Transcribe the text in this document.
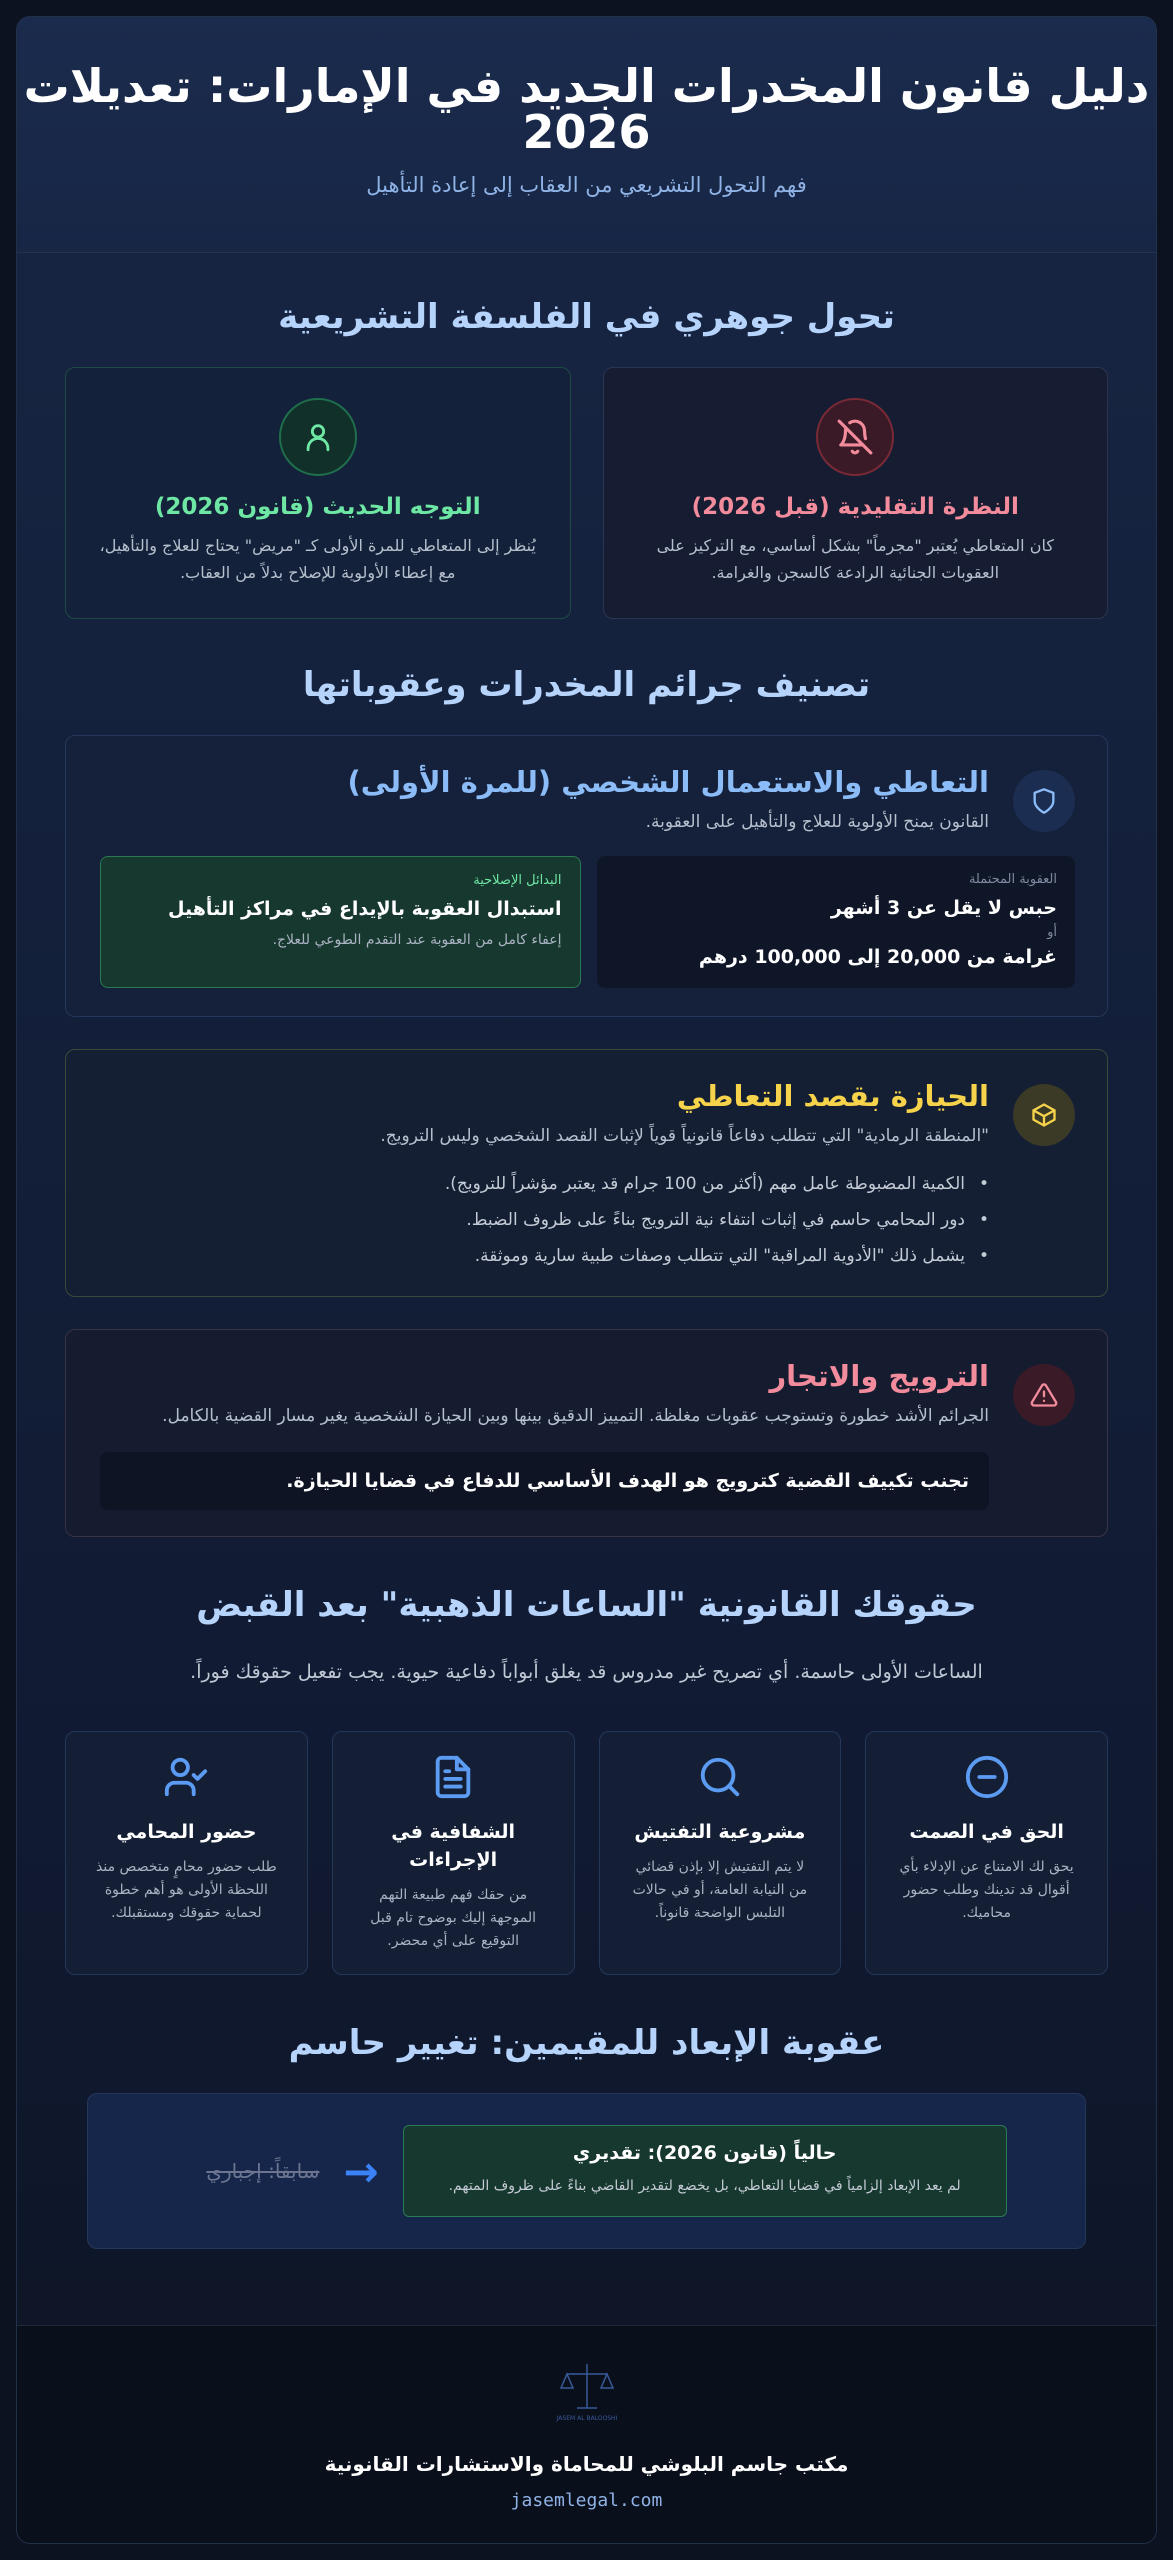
دليل قانون المخدرات الجديد في الإمارات: تعديلات 2026
فهم التحول التشريعي من العقاب إلى إعادة التأهيل
تحول جوهري في الفلسفة التشريعية
النظرة التقليدية (قبل 2026)

كان المتعاطي يُعتبر "مجرماً" بشكل أساسي، مع التركيز على العقوبات الجنائية الرادعة كالسجن والغرامة.

التوجه الحديث (قانون 2026)

يُنظر إلى المتعاطي للمرة الأولى كـ "مريض" يحتاج للعلاج والتأهيل، مع إعطاء الأولوية للإصلاح بدلاً من العقاب.

تصنيف جرائم المخدرات وعقوباتها
التعاطي والاستعمال الشخصي (للمرة الأولى)
القانون يمنح الأولوية للعلاج والتأهيل على العقوبة.
العقوبة المحتملة
حبس لا يقل عن 3 أشهر
أو
غرامة من 20,000 إلى 100,000 درهم
البدائل الإصلاحية
استبدال العقوبة بالإيداع في مراكز التأهيل
إعفاء كامل من العقوبة عند التقدم الطوعي للعلاج.
الحيازة بقصد التعاطي
"المنطقة الرمادية" التي تتطلب دفاعاً قانونياً قوياً لإثبات القصد الشخصي وليس الترويج.
• الكمية المضبوطة عامل مهم (أكثر من 100 جرام قد يعتبر مؤشراً للترويج).
• دور المحامي حاسم في إثبات انتفاء نية الترويج بناءً على ظروف الضبط.
• يشمل ذلك "الأدوية المراقبة" التي تتطلب وصفات طبية سارية وموثقة.
الترويج والاتجار
الجرائم الأشد خطورة وتستوجب عقوبات مغلظة. التمييز الدقيق بينها وبين الحيازة الشخصية يغير مسار القضية بالكامل.
تجنب تكييف القضية كترويج هو الهدف الأساسي للدفاع في قضايا الحيازة.
حقوقك القانونية "الساعات الذهبية" بعد القبض
الساعات الأولى حاسمة. أي تصريح غير مدروس قد يغلق أبواباً دفاعية حيوية. يجب تفعيل حقوقك فوراً.
الحق في الصمت

يحق لك الامتناع عن الإدلاء بأي أقوال قد تدينك وطلب حضور محاميك.

مشروعية التفتيش

لا يتم التفتيش إلا بإذن قضائي من النيابة العامة، أو في حالات التلبس الواضحة قانوناً.

الشفافية في الإجراءات

من حقك فهم طبيعة التهم الموجهة إليك بوضوح تام قبل التوقيع على أي محضر.

حضور المحامي

طلب حضور محامٍ متخصص منذ اللحظة الأولى هو أهم خطوة لحماية حقوقك ومستقبلك.

عقوبة الإبعاد للمقيمين: تغيير حاسم
حالياً (قانون 2026): تقديري

لم يعد الإبعاد إلزامياً في قضايا التعاطي، بل يخضع لتقدير القاضي بناءً على ظروف المتهم.

→
سابقاً: إجباري
JASEM AL BALOOSHI
مكتب جاسم البلوشي للمحاماة والاستشارات القانونية
jasemlegal.com
